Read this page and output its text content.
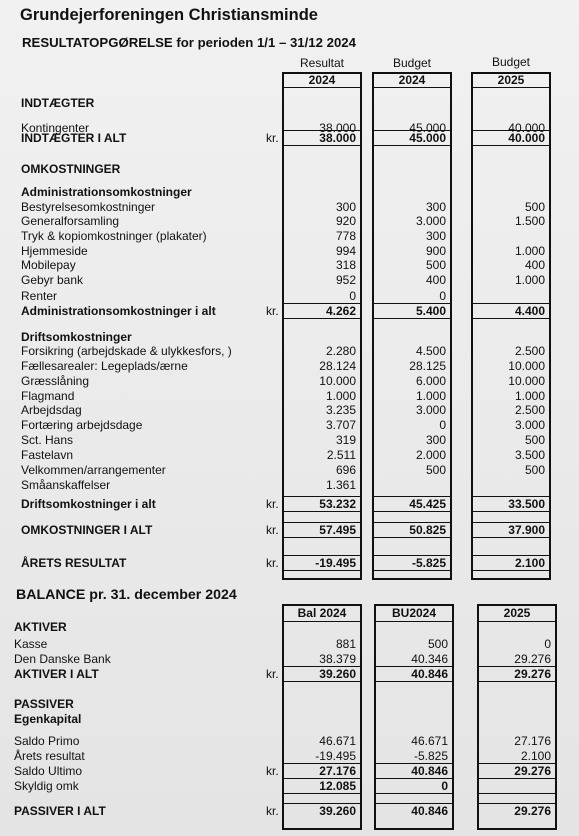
Grundejerforeningen Christiansminde
RESULTATOPGØRELSE for perioden 1/1 – 31/12 2024
BALANCE pr. 31. december 2024
Resultat
2024
Budget
2024
Budget
2025
INDTÆGTER
Kontingenter	38.000	45.000	40.000
INDTÆGTER I ALT	kr.	38.000	45.000	40.000
OMKOSTNINGER
Administrationsomkostninger
Bestyrelsesomkostninger	300	300	500
Generalforsamling	920	3.000	1.500
Tryk & kopiomkostninger (plakater)	778	300
Hjemmeside	994	900	1.000
Mobilepay	318	500	400
Gebyr bank	952	400	1.000
Renter	0	0
Administrationsomkostninger i alt	kr.	4.262	5.400	4.400
Driftsomkostninger
Forsikring (arbejdskade & ulykkesfors, )	2.280	4.500	2.500
Fællesarealer: Legeplads/ærne	28.124	28.125	10.000
Græsslåning	10.000	6.000	10.000
Flagmand	1.000	1.000	1.000
Arbejdsdag	3.235	3.000	2.500
Fortæring arbejdsdage	3.707	0	3.000
Sct. Hans	319	300	500
Fastelavn	2.511	2.000	3.500
Velkommen/arrangementer	696	500	500
Småanskaffelser	1.361
Driftsomkostninger i alt	kr.	53.232	45.425	33.500
OMKOSTNINGER I ALT	kr.	57.495	50.825	37.900
ÅRETS RESULTAT	kr.	-19.495	-5.825	2.100
Bal 2024	BU2024	2025
AKTIVER
Kasse	881	500	0
Den Danske Bank	38.379	40.346	29.276
AKTIVER I ALT	kr.	39.260	40.846	29.276
PASSIVER
Egenkapital
Saldo Primo	46.671	46.671	27.176
Årets resultat	-19.495	-5.825	2.100
Saldo Ultimo	kr.	27.176	40.846	29.276
Skyldig omk	12.085	0
PASSIVER I ALT	kr.	39.260	40.846	29.276
